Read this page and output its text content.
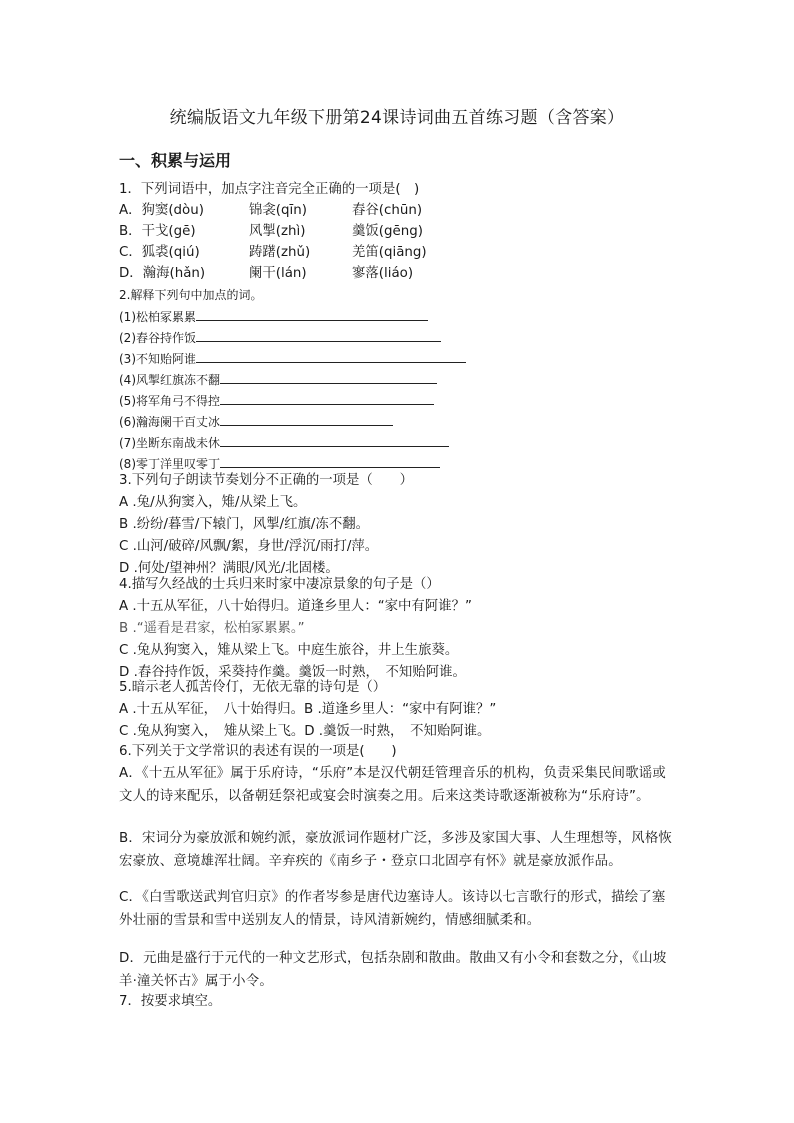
统编版语文九年级下册第24课诗词曲五首练习题（含答案）
一、积累与运用
1．下列词语中，加点字注音完全正确的一项是(　)
A．狗窦(dòu)	锦衾(qīn)	舂谷(chūn)
B．干戈(gē)	风掣(zhì)	羹饭(gēng)
C．狐裘(qiú)	踌躇(zhǔ)	羌笛(qiāng)
D．瀚海(hǎn)	阑干(lán)	寥落(liáo)
2.解释下列句中加点的词。
(1)松柏冢累累
(2)舂谷持作饭
(3)不知贻阿谁
(4)风掣红旗冻不翻
(5)将军角弓不得控
(6)瀚海阑干百丈冰
(7)坐断东南战未休
(8)零丁洋里叹零丁
3.下列句子朗读节奏划分不正确的一项是（　　）
A .兔/从狗窦入，雉/从梁上飞。
B .纷纷/暮雪/下辕门，风掣/红旗/冻不翻。
C .山河/破碎/风飘/絮，身世/浮沉/雨打/萍。
D .何处/望神州？满眼/风光/北固楼。
4.描写久经战的士兵归来时家中凄凉景象的句子是（）
A .十五从军征，八十始得归。道逢乡里人：“家中有阿谁？”
B .“遥看是君家，松柏冢累累。”
C .兔从狗窦入，雉从梁上飞。中庭生旅谷，井上生旅葵。
D .舂谷持作饭，采葵持作羹。羹饭一时熟，　不知贻阿谁。
5.暗示老人孤苦伶仃，无依无靠的诗句是（）
A .十五从军征，　八十始得归。B .道逢乡里人：“家中有阿谁？”
C .兔从狗窦入，　雉从梁上飞。D .羹饭一时熟，　不知贻阿谁。
6.下列关于文学常识的表述有误的一项是(　　)
A．《十五从军征》属于乐府诗，“乐府”本是汉代朝廷管理音乐的机构，负责采集民间歌谣或文人的诗来配乐，以备朝廷祭祀或宴会时演奏之用。后来这类诗歌逐渐被称为“乐府诗”。
B．宋词分为豪放派和婉约派，豪放派词作题材广泛，多涉及家国大事、人生理想等，风格恢宏豪放、意境雄浑壮阔。辛弃疾的《南乡子・登京口北固亭有怀》就是豪放派作品。
C．《白雪歌送武判官归京》的作者岑参是唐代边塞诗人。该诗以七言歌行的形式，描绘了塞外壮丽的雪景和雪中送别友人的情景，诗风清新婉约，情感细腻柔和。
D．元曲是盛行于元代的一种文艺形式，包括杂剧和散曲。散曲又有小令和套数之分，《山坡羊·潼关怀古》属于小令。
7．按要求填空。
